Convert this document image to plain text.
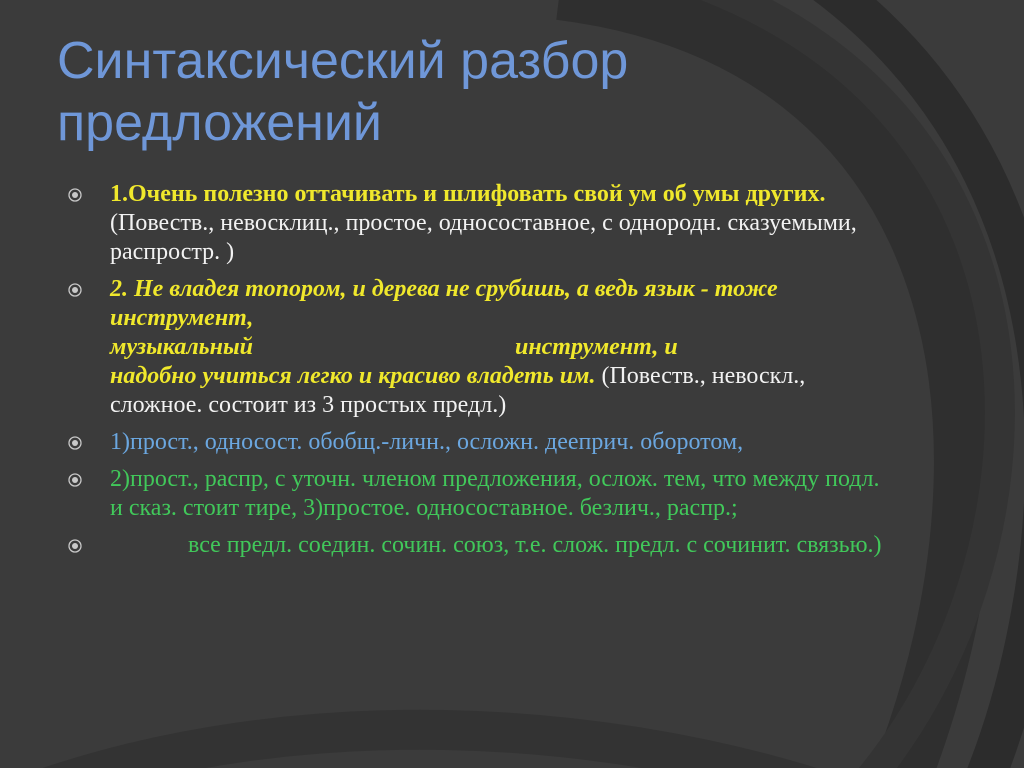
Синтаксический разбор предложений
1.Очень полезно оттачивать и шлифовать свой ум об умы других. (Повеств., невосклиц., простое, односоставное, с однородн. сказуемыми, распростр. )
2. Не владея топором, и дерева не срубишь, а ведь язык - тоже инструмент,
музыкальный	инструмент, и
надобно учиться легко и красиво владеть им. (Повеств., невоскл., сложное. состоит из 3 простых предл.)
1)прост., односост. обобщ.-личн., осложн. дееприч. оборотом,
2)прост., распр, с уточн. членом предложения, ослож. тем, что между подл. и сказ. стоит тире, 3)простое. односоставное. безлич., распр.;
все предл. соедин. сочин. союз, т.е. слож. предл. с сочинит. связью.)
